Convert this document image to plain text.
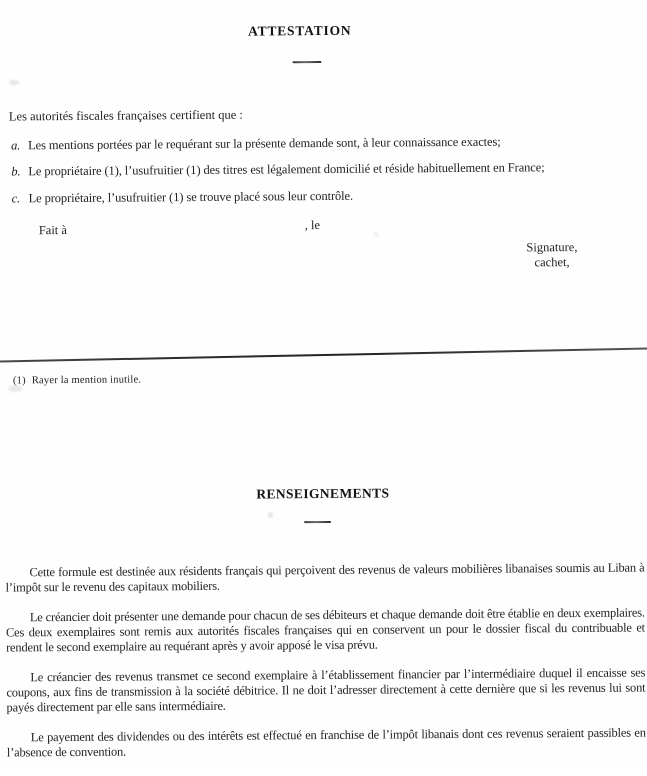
ATTESTATION

Les autorités fiscales françaises certifient que :

a. Les mentions portées par le requérant sur la présente demande sont, à leur connaissance exactes;
b. Le propriétaire (1), l’usufruitier (1) des titres est légalement domicilié et réside habituellement en France;
c. Le propriétaire, l’usufruitier (1) se trouve placé sous leur contrôle.
Fait à	, le
Signature,
cachet,

(1) Rayer la mention inutile.

RENSEIGNEMENTS

Cette formule est destinée aux résidents français qui perçoivent des revenus de valeurs mobilières libanaises soumis au Liban à l’impôt sur le revenu des capitaux mobiliers.

Le créancier doit présenter une demande pour chacun de ses débiteurs et chaque demande doit être établie en deux exemplaires. Ces deux exemplaires sont remis aux autorités fiscales françaises qui en conservent un pour le dossier fiscal du contribuable et rendent le second exemplaire au requérant après y avoir apposé le visa prévu.

Le créancier des revenus transmet ce second exemplaire à l’établissement financier par l’intermédiaire duquel il encaisse ses coupons, aux fins de transmission à la société débitrice. Il ne doit l’adresser directement à cette dernière que si les revenus lui sont payés directement par elle sans intermédiaire.

Le payement des dividendes ou des intérêts est effectué en franchise de l’impôt libanais dont ces revenus seraient passibles en l’absence de convention.
